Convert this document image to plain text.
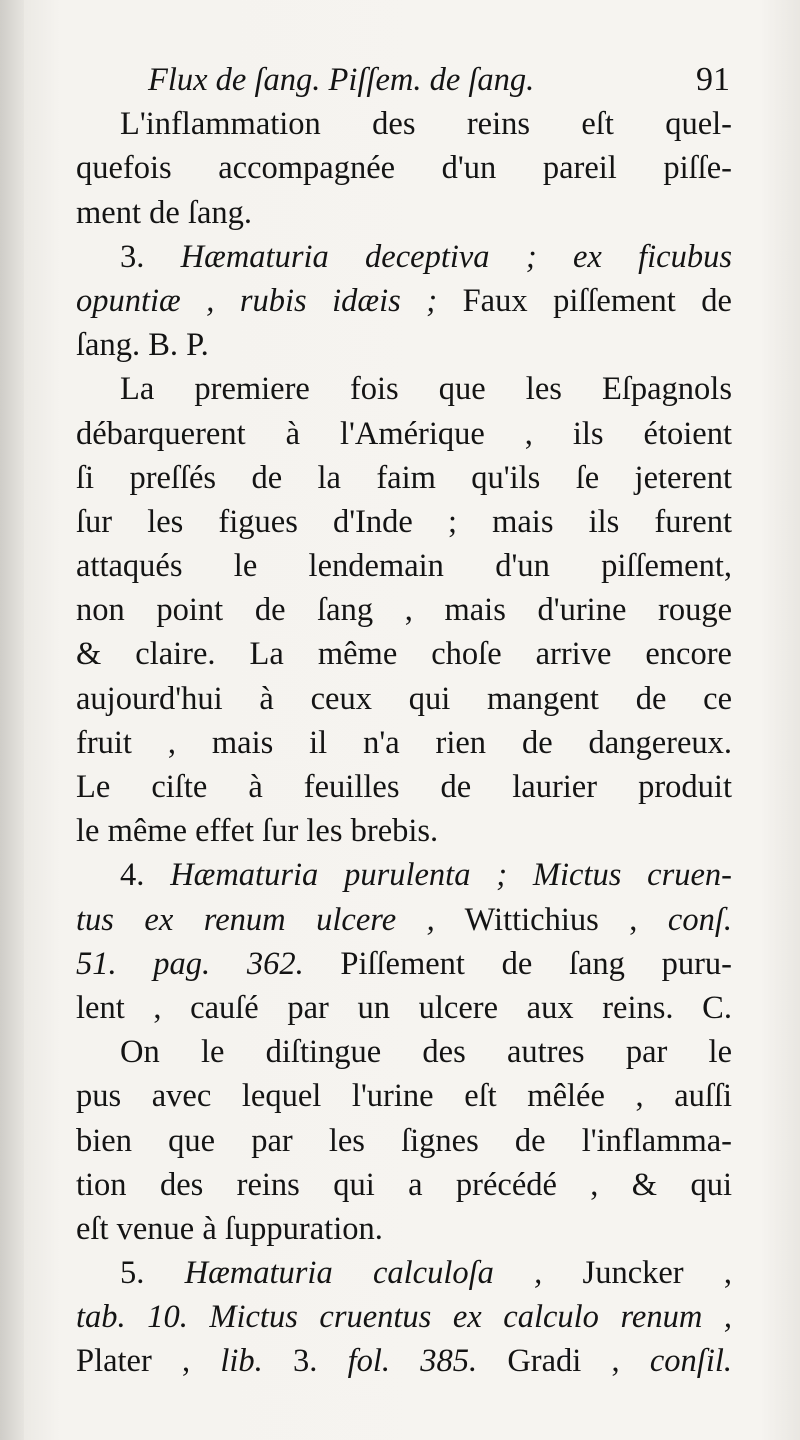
Flux de ſang. Piſſem. de ſang.	91
L'inflammation des reins eſt quel-
quefois accompagnée d'un pareil piſſe-
ment de ſang.
3. Hæmaturia deceptiva ; ex ficubus
opuntiæ , rubis idæis ; Faux piſſement de
ſang. B. P.
La premiere fois que les Eſpagnols
débarquerent à l'Amérique , ils étoient
ſi preſſés de la faim qu'ils ſe jeterent
ſur les figues d'Inde ; mais ils furent
attaqués le lendemain d'un piſſement,
non point de ſang , mais d'urine rouge
& claire. La même choſe arrive encore
aujourd'hui à ceux qui mangent de ce
fruit , mais il n'a rien de dangereux.
Le ciſte à feuilles de laurier produit
le même effet ſur les brebis.
4. Hæmaturia purulenta ; Mictus cruen-
tus ex renum ulcere , Wittichius , conſ.
51. pag. 362. Piſſement de ſang puru-
lent , cauſé par un ulcere aux reins. C.
On le diſtingue des autres par le
pus avec lequel l'urine eſt mêlée , auſſi
bien que par les ſignes de l'inflamma-
tion des reins qui a précédé , & qui
eſt venue à ſuppuration.
5. Hæmaturia calculoſa , Juncker ,
tab. 10. Mictus cruentus ex calculo renum ,
Plater , lib. 3. fol. 385. Gradi , conſil.
